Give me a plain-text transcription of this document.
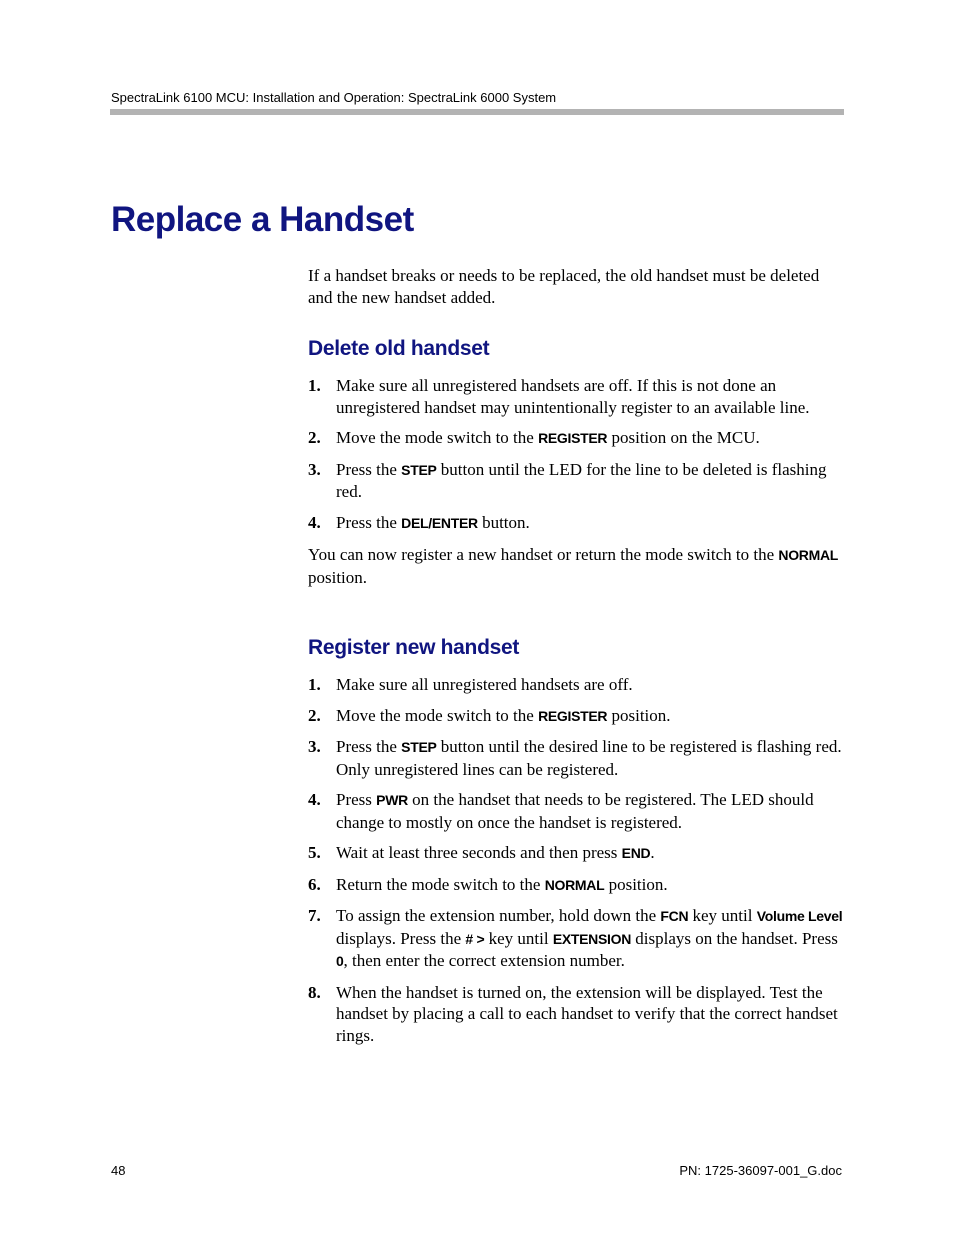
SpectraLink 6100 MCU: Installation and Operation: SpectraLink 6000 System
Replace a Handset

If a handset breaks or needs to be replaced, the old handset must be deleted and the new handset added.

Delete old handset
1. Make sure all unregistered handsets are off. If this is not done an unregistered handset may unintentionally register to an available line.
2. Move the mode switch to the REGISTER position on the MCU.
3. Press the STEP button until the LED for the line to be deleted is flashing red.
4. Press the DEL/ENTER button.

You can now register a new handset or return the mode switch to the NORMAL position.

Register new handset
1. Make sure all unregistered handsets are off.
2. Move the mode switch to the REGISTER position.
3. Press the STEP button until the desired line to be registered is flashing red. Only unregistered lines can be registered.
4. Press PWR on the handset that needs to be registered. The LED should change to mostly on once the handset is registered.
5. Wait at least three seconds and then press END.
6. Return the mode switch to the NORMAL position.
7. To assign the extension number, hold down the FCN key until Volume Level displays. Press the # > key until EXTENSION displays on the handset. Press 0, then enter the correct extension number.
8. When the handset is turned on, the extension will be displayed. Test the handset by placing a call to each handset to verify that the correct handset rings.
48	PN: 1725-36097-001_G.doc
